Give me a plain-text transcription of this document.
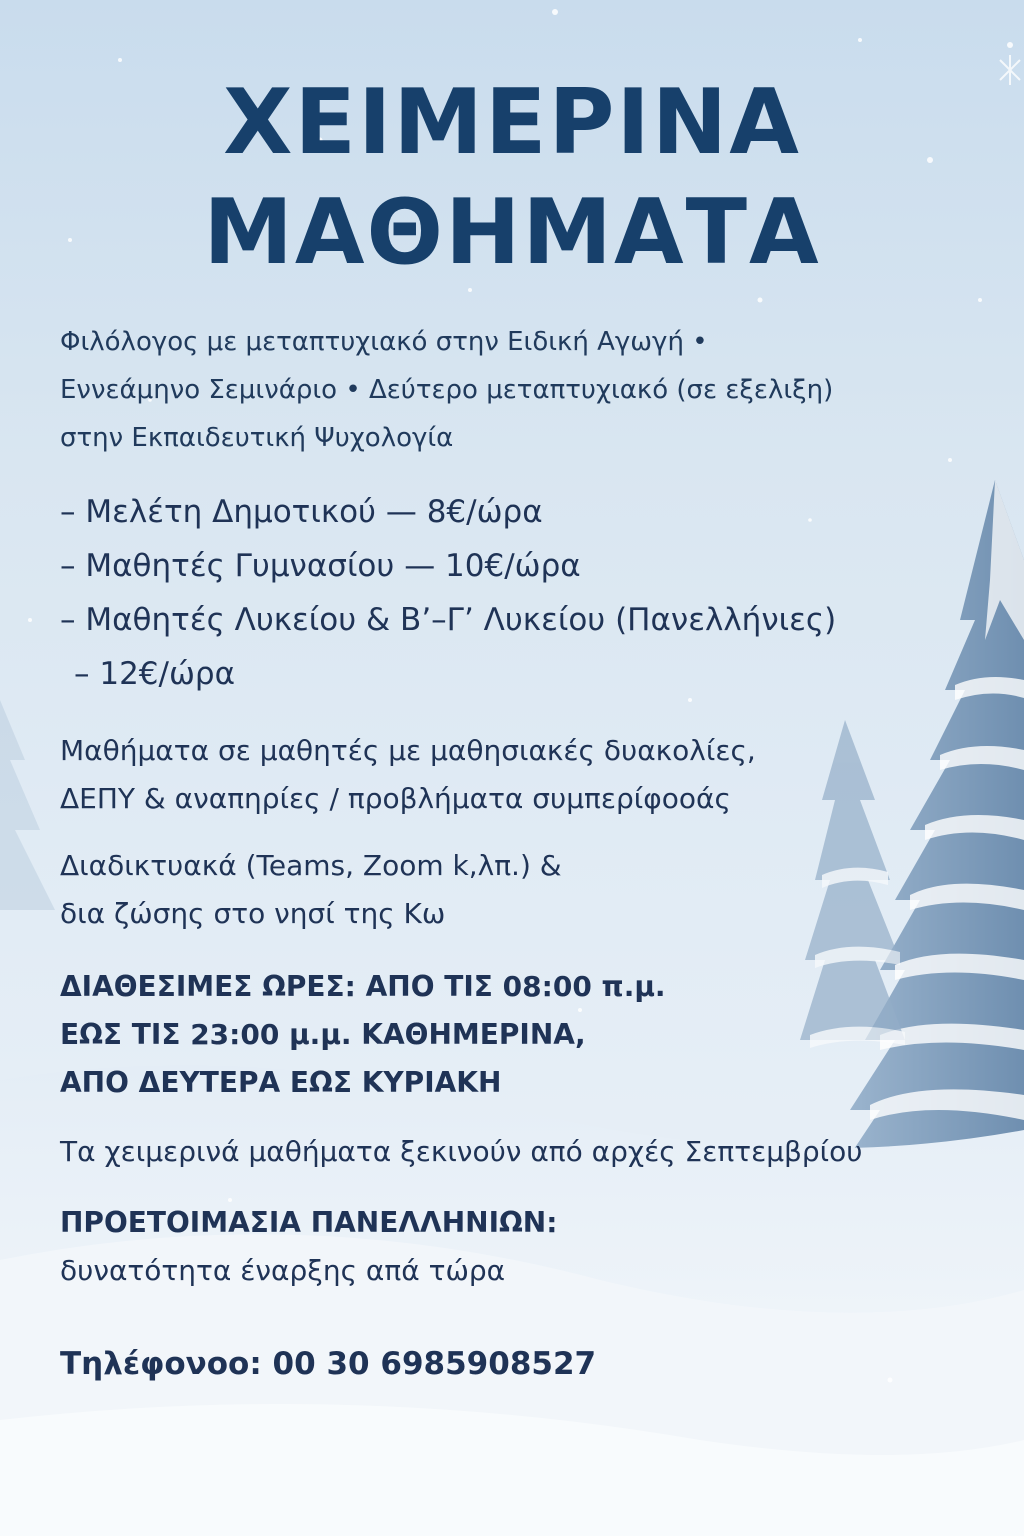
ΧΕΙΜΕΡΙΝΑ
ΜΑΘΗΜΑΤΑ
Φιλόλογος με μεταπτυχιακό στην Ειδική Αγωγή •
Εννεάμηνο Σεμινάριο • Δεύτερο μεταπτυχιακό (σε εξελιξη)
στην Εκπαιδευτική Ψυχολογία
– Μελέτη Δημοτικού — 8€/ώρα
– Μαθητές Γυμνασίου — 10€/ώρα
– Μαθητές Λυκείου & Β’–Γ’ Λυκείου (Πανελλήνιες)
– 12€/ώρα
Μαθήματα σε μαθητές με μαθησιακές δυακολίες,
ΔΕΠΥ & αναπηρίες / προβλήματα συμπερίφοοάς
Διαδικτυακά (Teams, Zoom k,λπ.) &
δια ζώσης στο νησί της Κω
ΔΙΑΘΕΣΙΜΕΣ ΩΡΕΣ: ΑΠΟ ΤΙΣ 08:00 π.μ.
ΕΩΣ ΤΙΣ 23:00 μ.μ. ΚΑΘΗΜΕΡΙΝΑ,
ΑΠΟ ΔΕΥΤΕΡΑ ΕΩΣ ΚΥΡΙΑΚΗ
Τα χειμερινά μαθήματα ξεκινούν από αρχές Σεπτεμβρίου
ΠΡΟΕΤΟΙΜΑΣΙΑ ΠΑΝΕΛΛΗΝΙΩΝ:
δυνατότητα έναρξης απά τώρα
Τηλέφονοο: 00 30 6985908527
